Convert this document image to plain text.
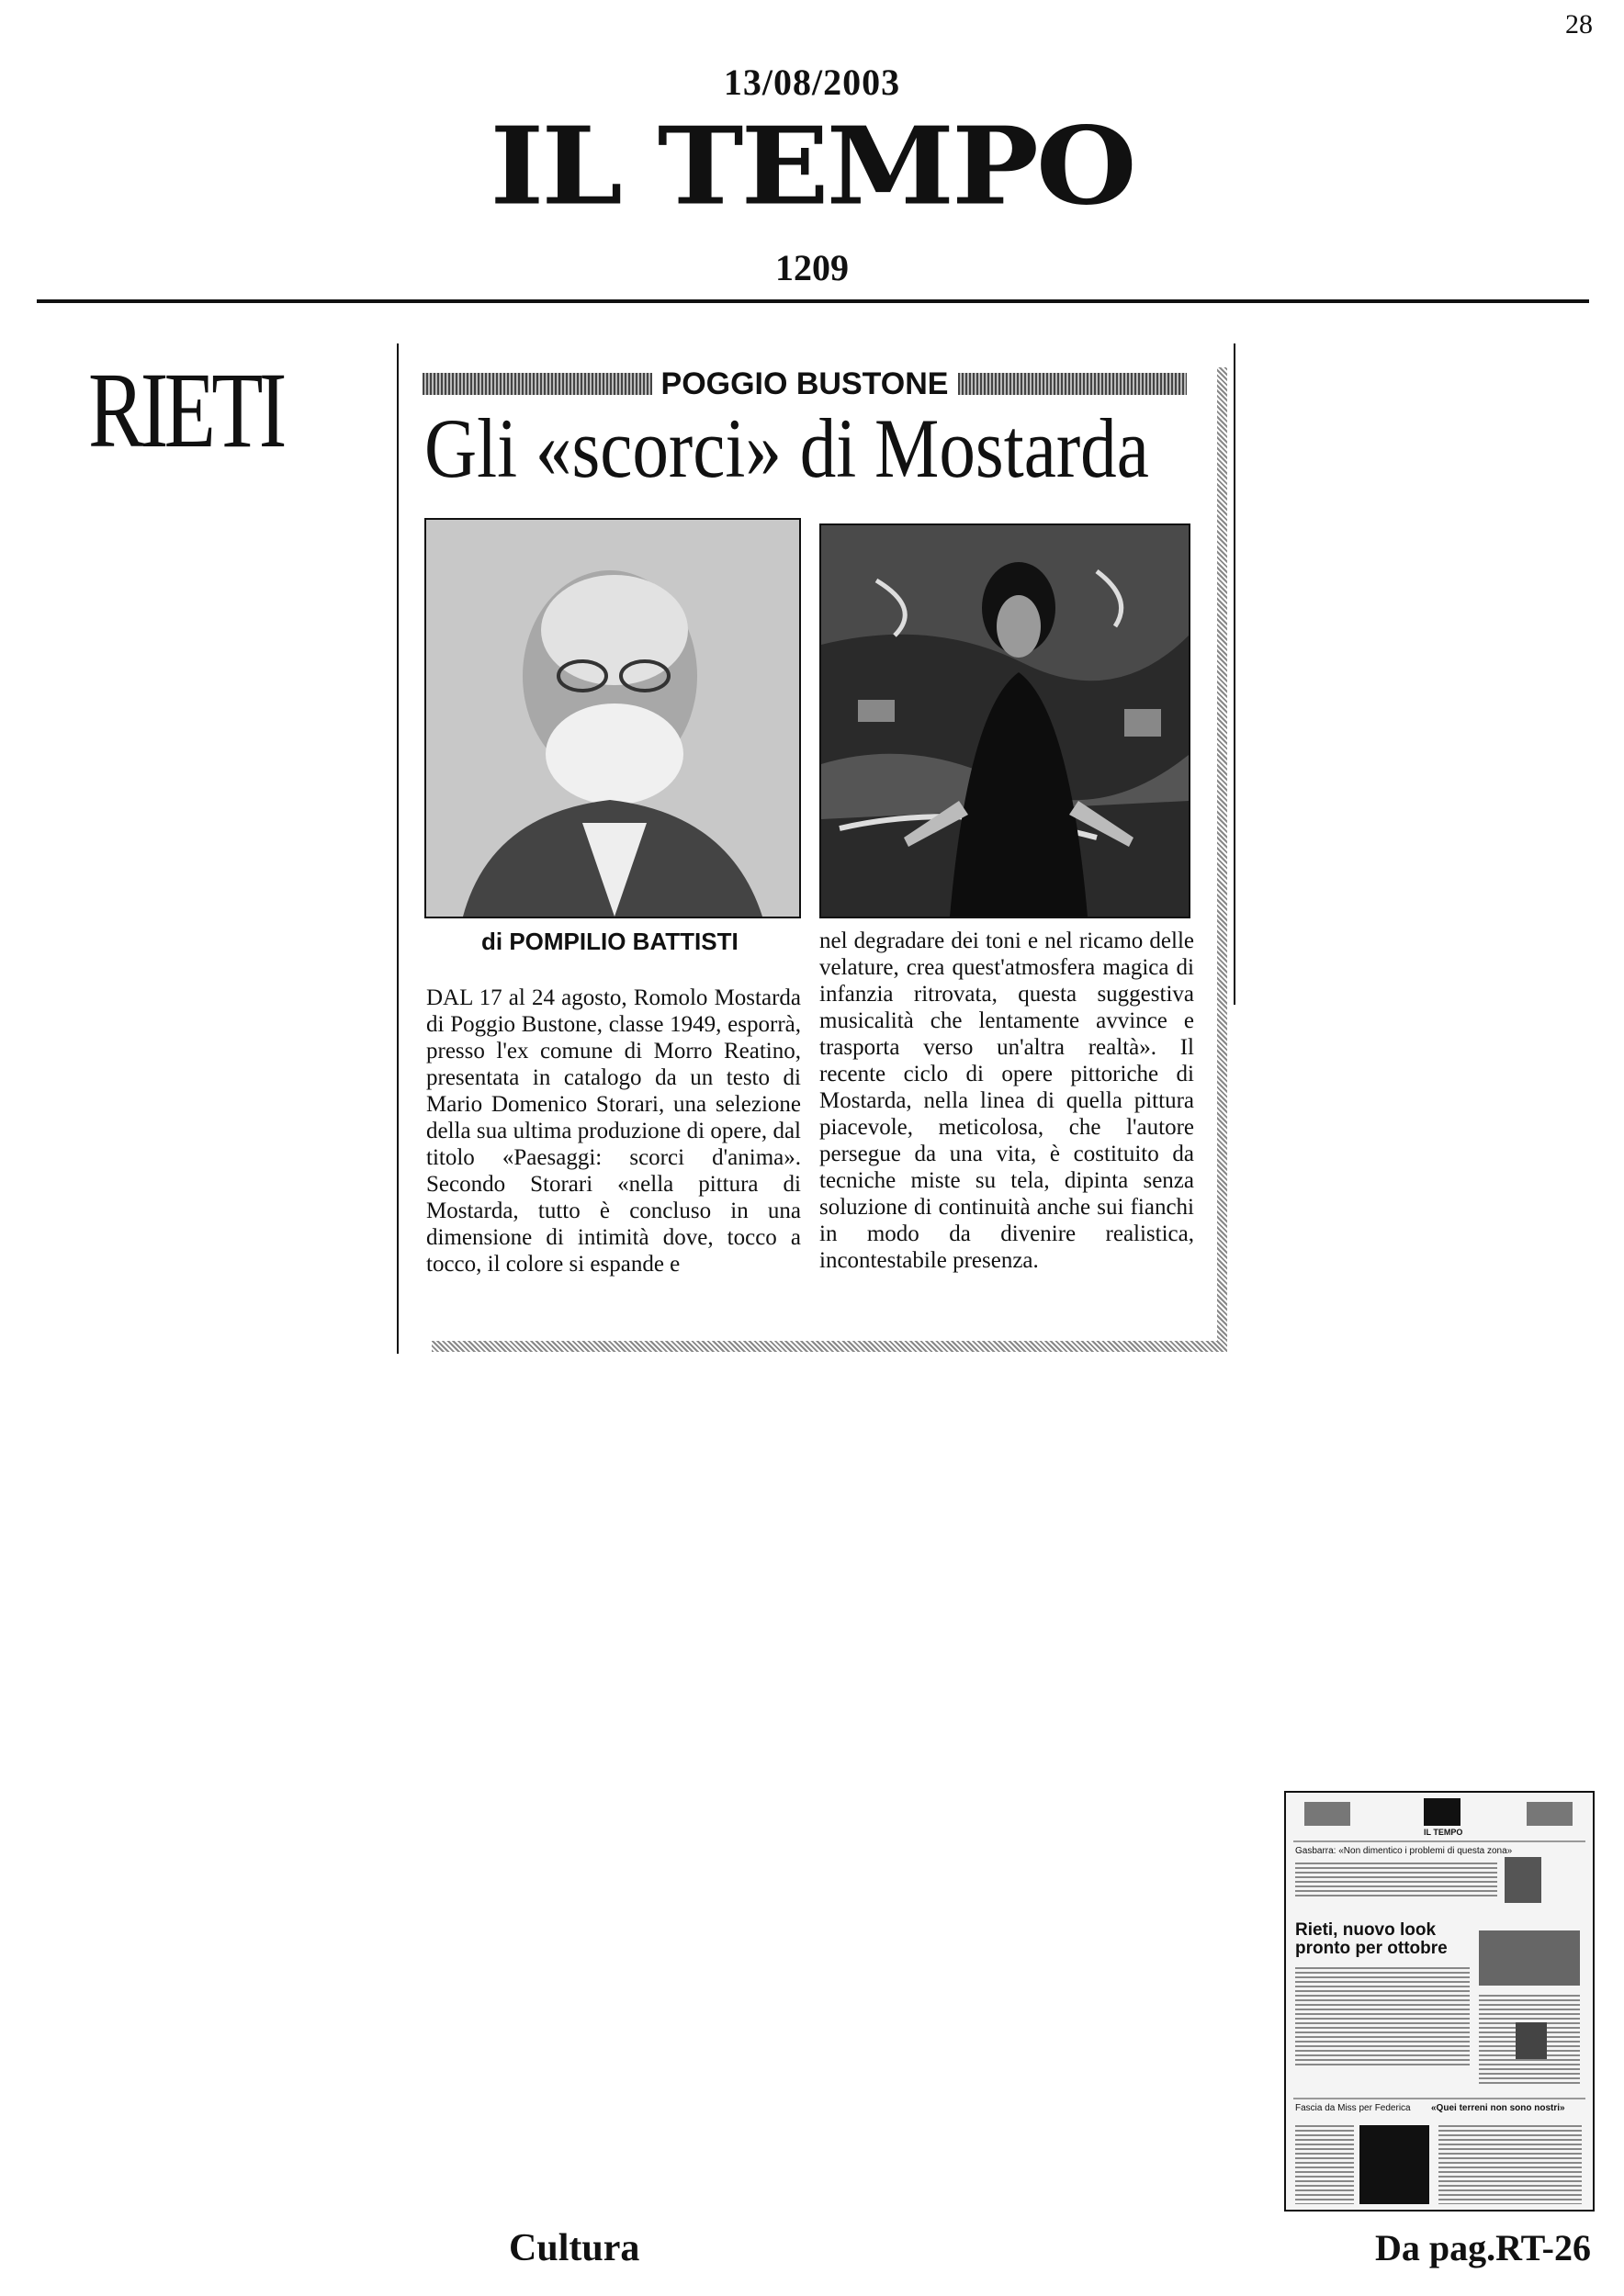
28
13/08/2003
IL TEMPO
1209
RIETI	POGGIO BUSTONE
Gli «scorci» di Mostarda
di POMPILIO BATTISTI
DAL 17 al 24 agosto, Romolo Mostarda di Poggio Bustone, classe 1949, esporrà, presso l'ex comune di Morro Reatino, presentata in catalogo da un testo di Mario Domenico Storari, una selezione della sua ultima produzione di opere, dal titolo «Paesaggi: scorci d'anima». Secondo Storari «nella pittura di Mostarda, tutto è concluso in una dimensione di intimità dove, tocco a tocco, il colore si espande e
nel degradare dei toni e nel ricamo delle velature, crea quest'atmosfera magica di infanzia ritrovata, questa suggestiva musicalità che lentamente avvince e trasporta verso un'altra realtà». Il recente ciclo di opere pittoriche di Mostarda, nella linea di quella pittura piacevole, meticolosa, che l'autore persegue da una vita, è costituito da tecniche miste su tela, dipinta senza soluzione di continuità anche sui fianchi in modo da divenire realistica, incontestabile presenza.
IL TEMPO
Gasbarra: «Non dimentico i problemi di questa zona»
Rieti, nuovo look pronto per ottobre
Fascia da Miss per Federica «Quei terreni non sono nostri»
Cultura	Da pag.RT-26
